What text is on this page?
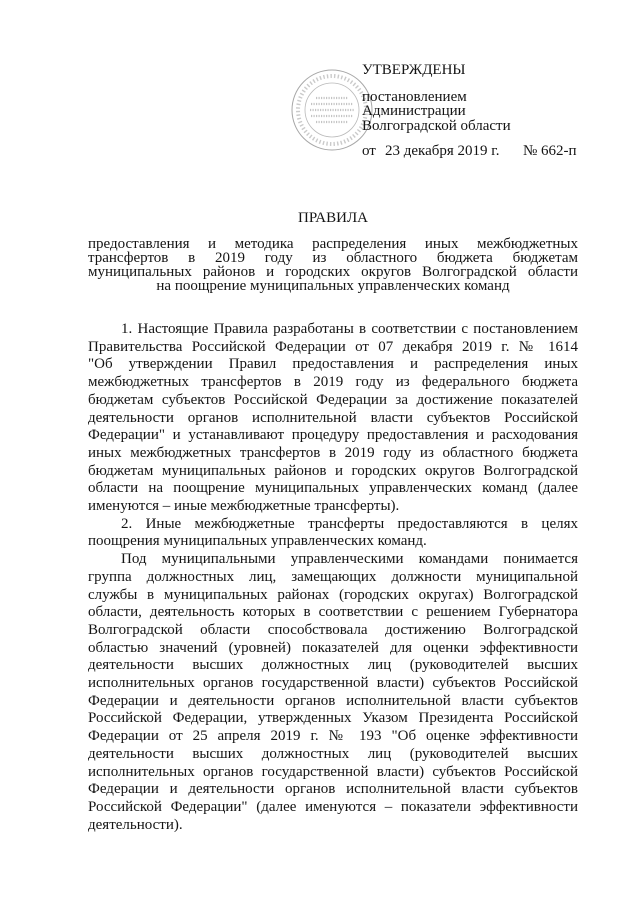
УТВЕРЖДЕНЫ
постановлением
Администрации
Волгоградской области
от 23 декабря 2019 г. № 662-п
ПРАВИЛА
предоставления и методика распределения иных межбюджетных
трансфертов в 2019 году из областного бюджета бюджетам
муниципальных районов и городских округов Волгоградской области
на поощрение муниципальных управленческих команд
1. Настоящие Правила разработаны в соответствии с постановлением
Правительства Российской Федерации от 07 декабря 2019 г. № 1614
"Об утверждении Правил предоставления и распределения иных
межбюджетных трансфертов в 2019 году из федерального бюджета
бюджетам субъектов Российской Федерации за достижение показателей
деятельности органов исполнительной власти субъектов Российской
Федерации" и устанавливают процедуру предоставления и расходования
иных межбюджетных трансфертов в 2019 году из областного бюджета
бюджетам муниципальных районов и городских округов Волгоградской
области на поощрение муниципальных управленческих команд (далее
именуются – иные межбюджетные трансферты).
2. Иные межбюджетные трансферты предоставляются в целях
поощрения муниципальных управленческих команд.
Под муниципальными управленческими командами понимается
группа должностных лиц, замещающих должности муниципальной
службы в муниципальных районах (городских округах) Волгоградской
области, деятельность которых в соответствии с решением Губернатора
Волгоградской области способствовала достижению Волгоградской
областью значений (уровней) показателей для оценки эффективности
деятельности высших должностных лиц (руководителей высших
исполнительных органов государственной власти) субъектов Российской
Федерации и деятельности органов исполнительной власти субъектов
Российской Федерации, утвержденных Указом Президента Российской
Федерации от 25 апреля 2019 г. № 193 "Об оценке эффективности
деятельности высших должностных лиц (руководителей высших
исполнительных органов государственной власти) субъектов Российской
Федерации и деятельности органов исполнительной власти субъектов
Российской Федерации" (далее именуются – показатели эффективности
деятельности).
